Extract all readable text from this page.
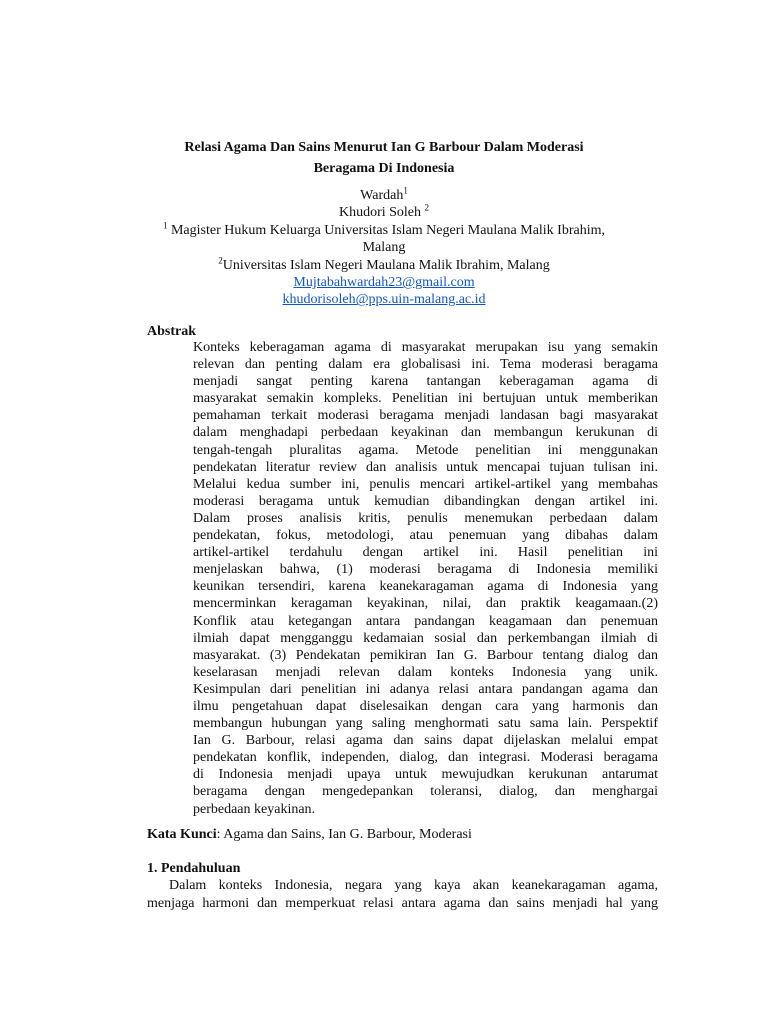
Relasi Agama Dan Sains Menurut Ian G Barbour Dalam Moderasi
Beragama Di Indonesia
Wardah$^1$
Khudori Soleh $^2$
$^1$ Magister Hukum Keluarga Universitas Islam Negeri Maulana Malik Ibrahim,
Malang
$^2$Universitas Islam Negeri Maulana Malik Ibrahim, Malang
Mujtabahwardah23@gmail.com
khudorisoleh@pps.uin-malang.ac.id
Abstrak
Konteks keberagaman agama di masyarakat merupakan isu yang semakin
relevan dan penting dalam era globalisasi ini. Tema moderasi beragama
menjadi sangat penting karena tantangan keberagaman agama di
masyarakat semakin kompleks. Penelitian ini bertujuan untuk memberikan
pemahaman terkait moderasi beragama menjadi landasan bagi masyarakat
dalam menghadapi perbedaan keyakinan dan membangun kerukunan di
tengah-tengah pluralitas agama. Metode penelitian ini menggunakan
pendekatan literatur review dan analisis untuk mencapai tujuan tulisan ini.
Melalui kedua sumber ini, penulis mencari artikel-artikel yang membahas
moderasi beragama untuk kemudian dibandingkan dengan artikel ini.
Dalam proses analisis kritis, penulis menemukan perbedaan dalam
pendekatan, fokus, metodologi, atau penemuan yang dibahas dalam
artikel-artikel terdahulu dengan artikel ini. Hasil penelitian ini
menjelaskan bahwa, (1) moderasi beragama di Indonesia memiliki
keunikan tersendiri, karena keanekaragaman agama di Indonesia yang
mencerminkan keragaman keyakinan, nilai, dan praktik keagamaan.(2)
Konflik atau ketegangan antara pandangan keagamaan dan penemuan
ilmiah dapat mengganggu kedamaian sosial dan perkembangan ilmiah di
masyarakat. (3) Pendekatan pemikiran Ian G. Barbour tentang dialog dan
keselarasan menjadi relevan dalam konteks Indonesia yang unik.
Kesimpulan dari penelitian ini adanya relasi antara pandangan agama dan
ilmu pengetahuan dapat diselesaikan dengan cara yang harmonis dan
membangun hubungan yang saling menghormati satu sama lain. Perspektif
Ian G. Barbour, relasi agama dan sains dapat dijelaskan melalui empat
pendekatan konflik, independen, dialog, dan integrasi. Moderasi beragama
di Indonesia menjadi upaya untuk mewujudkan kerukunan antarumat
beragama dengan mengedepankan toleransi, dialog, dan menghargai
perbedaan keyakinan.
Kata Kunci: Agama dan Sains, Ian G. Barbour, Moderasi
1. Pendahuluan
Dalam konteks Indonesia, negara yang kaya akan keanekaragaman agama,
menjaga harmoni dan memperkuat relasi antara agama dan sains menjadi hal yang
